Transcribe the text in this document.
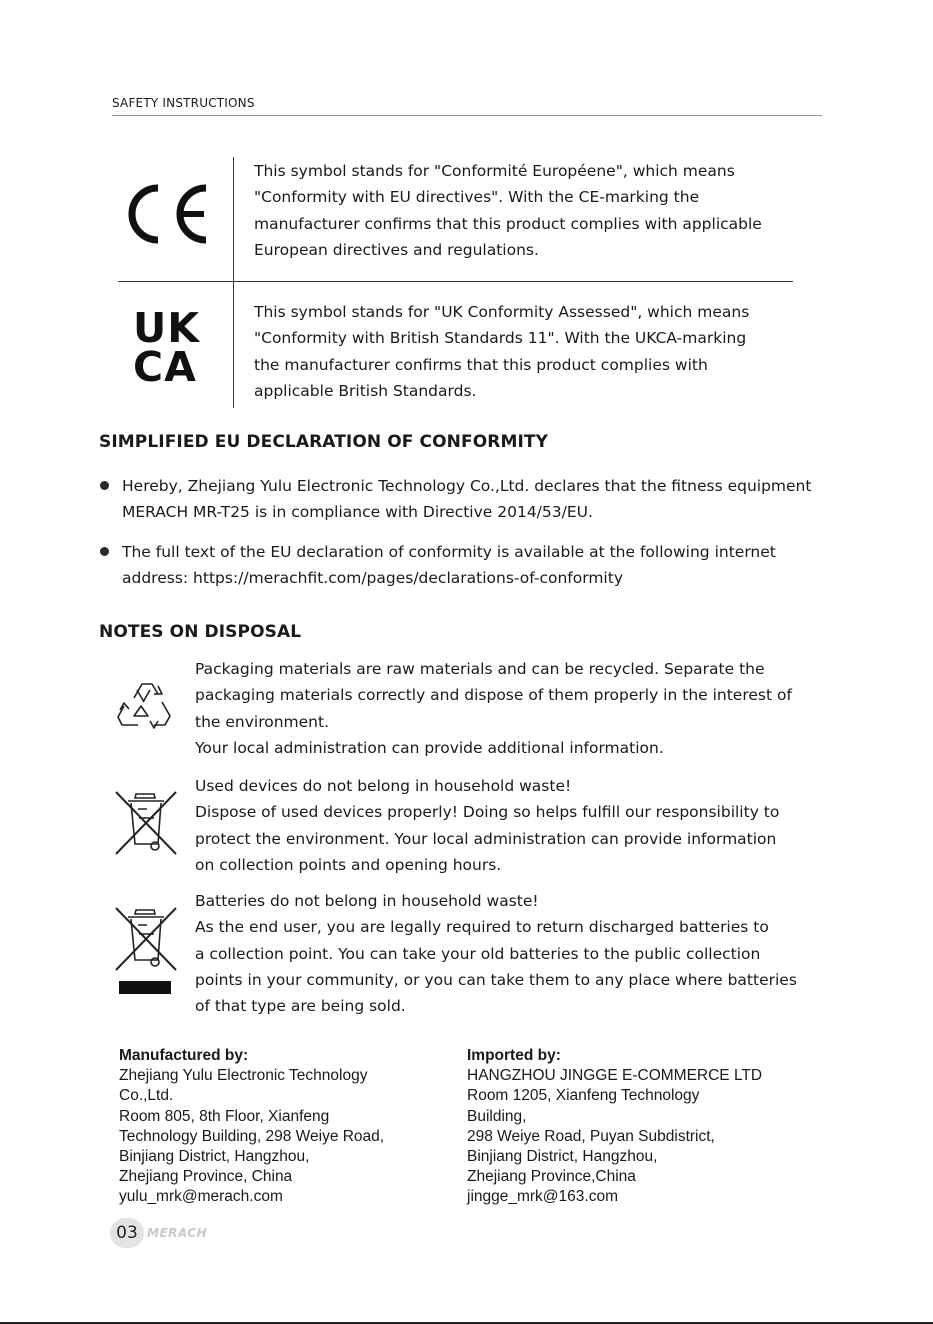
SAFETY INSTRUCTIONS
This symbol stands for "Conformité Européene", which means
"Conformity with EU directives". With the CE-marking the
manufacturer confirms that this product complies with applicable
European directives and regulations.
UK
CA
This symbol stands for "UK Conformity Assessed", which means
"Conformity with British Standards 11". With the UKCA-marking
the manufacturer confirms that this product complies with
applicable British Standards.
SIMPLIFIED EU DECLARATION OF CONFORMITY
Hereby, Zhejiang Yulu Electronic Technology Co.,Ltd. declares that the fitness equipment
MERACH MR-T25 is in compliance with Directive 2014/53/EU.
The full text of the EU declaration of conformity is available at the following internet
address: https://merachfit.com/pages/declarations-of-conformity
NOTES ON DISPOSAL
Packaging materials are raw materials and can be recycled. Separate the
packaging materials correctly and dispose of them properly in the interest of
the environment.
Your local administration can provide additional information.
Used devices do not belong in household waste!
Dispose of used devices properly! Doing so helps fulfill our responsibility to
protect the environment. Your local administration can provide information
on collection points and opening hours.
Batteries do not belong in household waste!
As the end user, you are legally required to return discharged batteries to
a collection point. You can take your old batteries to the public collection
points in your community, or you can take them to any place where batteries
of that type are being sold.
Manufactured by:
Zhejiang Yulu Electronic Technology
Co.,Ltd.
Room 805, 8th Floor, Xianfeng
Technology Building, 298 Weiye Road,
Binjiang District, Hangzhou,
Zhejiang Province, China
yulu_mrk@merach.com
Imported by:
HANGZHOU JINGGE E-COMMERCE LTD
Room 1205, Xianfeng Technology
Building,
298 Weiye Road, Puyan Subdistrict,
Binjiang District, Hangzhou,
Zhejiang Province,China
jingge_mrk@163.com
03 MERACH
